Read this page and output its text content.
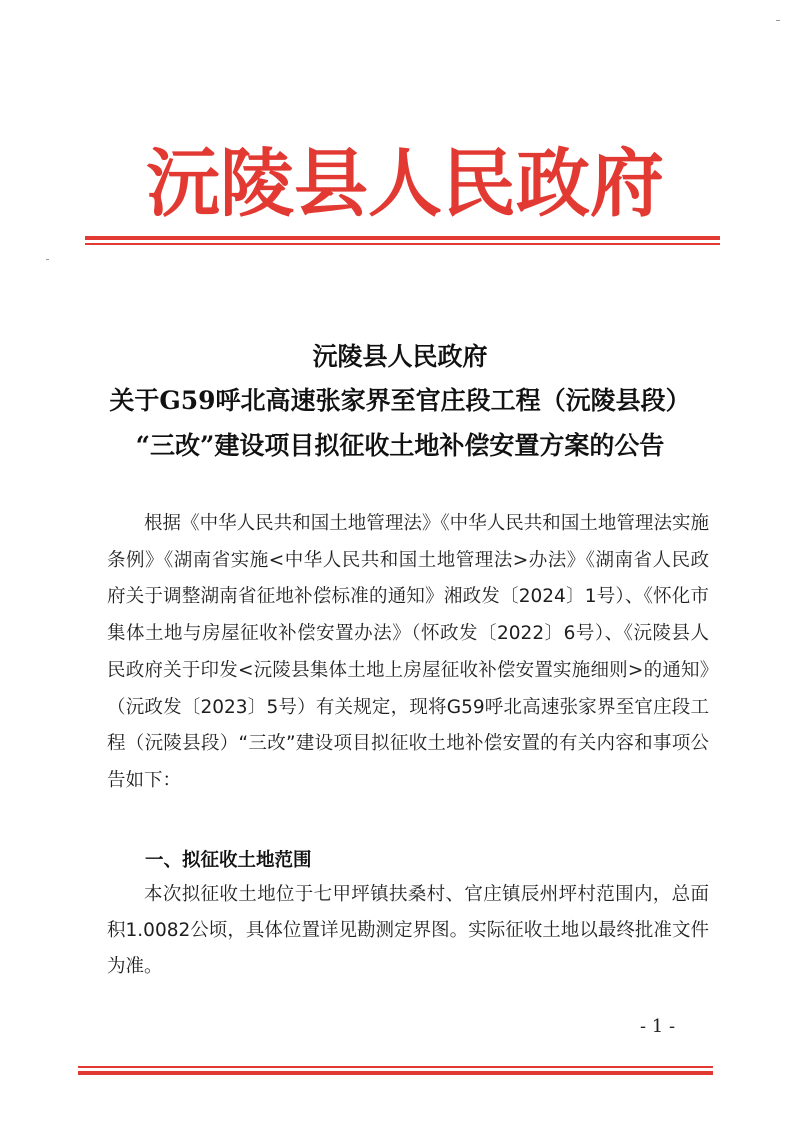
沅陵县人民政府
沅陵县人民政府
关于G59呼北高速张家界至官庄段工程（沅陵县段）
“三改”建设项目拟征收土地补偿安置方案的公告

根据《中华人民共和国土地管理法》《中华人民共和国土地管理法实施条例》《湖南省实施<中华人民共和国土地管理法>办法》《湖南省人民政府关于调整湖南省征地补偿标准的通知》湘政发〔2024〕1号）、《怀化市集体土地与房屋征收补偿安置办法》（怀政发〔2022〕6号）、《沅陵县人民政府关于印发<沅陵县集体土地上房屋征收补偿安置实施细则>的通知》（沅政发〔2023〕5号）有关规定，现将G59呼北高速张家界至官庄段工程（沅陵县段）“三改”建设项目拟征收土地补偿安置的有关内容和事项公告如下：

一、拟征收土地范围

本次拟征收土地位于七甲坪镇扶桑村、官庄镇辰州坪村范围内，总面积1.0082公顷，具体位置详见勘测定界图。实际征收土地以最终批准文件为准。

- 1 -
